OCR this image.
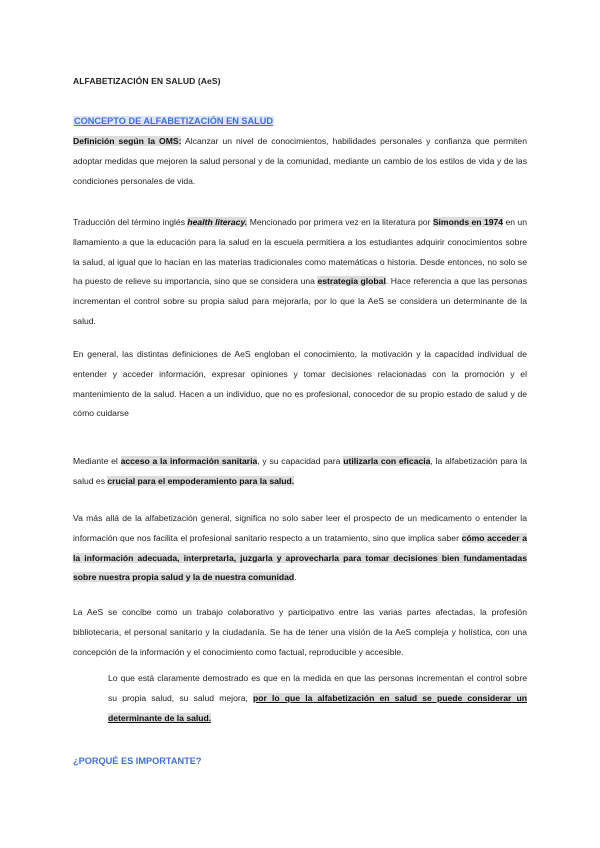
ALFABETIZACIÓN EN SALUD (AeS)
CONCEPTO DE ALFABETIZACIÓN EN SALUD

Definición según la OMS: Alcanzar un nivel de conocimientos, habilidades personales y confianza que permiten adoptar medidas que mejoren la salud personal y de la comunidad, mediante un cambio de los estilos de vida y de las condiciones personales de vida.

Traducción del término inglés health literacy. Mencionado por primera vez en la literatura por Simonds en 1974 en un llamamiento a que la educación para la salud en la escuela permitiera a los estudiantes adquirir conocimientos sobre la salud, al igual que lo hacían en las materias tradicionales como matemáticas o historia. Desde entonces, no solo se ha puesto de relieve su importancia, sino que se considera una estrategia global. Hace referencia a que las personas incrementan el control sobre su propia salud para mejorarla, por lo que la AeS se considera un determinante de la salud.

En general, las distintas definiciones de AeS engloban el conocimiento, la motivación y la capacidad individual de entender y acceder información, expresar opiniones y tomar decisiones relacionadas con la promoción y el mantenimiento de la salud. Hacen a un individuo, que no es profesional, conocedor de su propio estado de salud y de cómo cuidarse

Mediante el acceso a la información sanitaria, y su capacidad para utilizarla con eficacia, la alfabetización para la salud es crucial para el empoderamiento para la salud.

Va más allá de la alfabetización general, significa no solo saber leer el prospecto de un medicamento o entender la información que nos facilita el profesional sanitario respecto a un tratamiento, sino que implica saber cómo acceder a la información adecuada, interpretarla, juzgarla y aprovecharla para tomar decisiones bien fundamentadas sobre nuestra propia salud y la de nuestra comunidad.

La AeS se concibe como un trabajo colaborativo y participativo entre las varias partes afectadas, la profesión bibliotecaria, el personal sanitario y la ciudadanía. Se ha de tener una visión de la AeS compleja y holística, con una concepción de la información y el conocimiento como factual, reproducible y accesible.

Lo que está claramente demostrado es que en la medida en que las personas incrementan el control sobre su propia salud, su salud mejora, por lo que la alfabetización en salud se puede considerar un determinante de la salud.

¿PORQUÉ ES IMPORTANTE?
